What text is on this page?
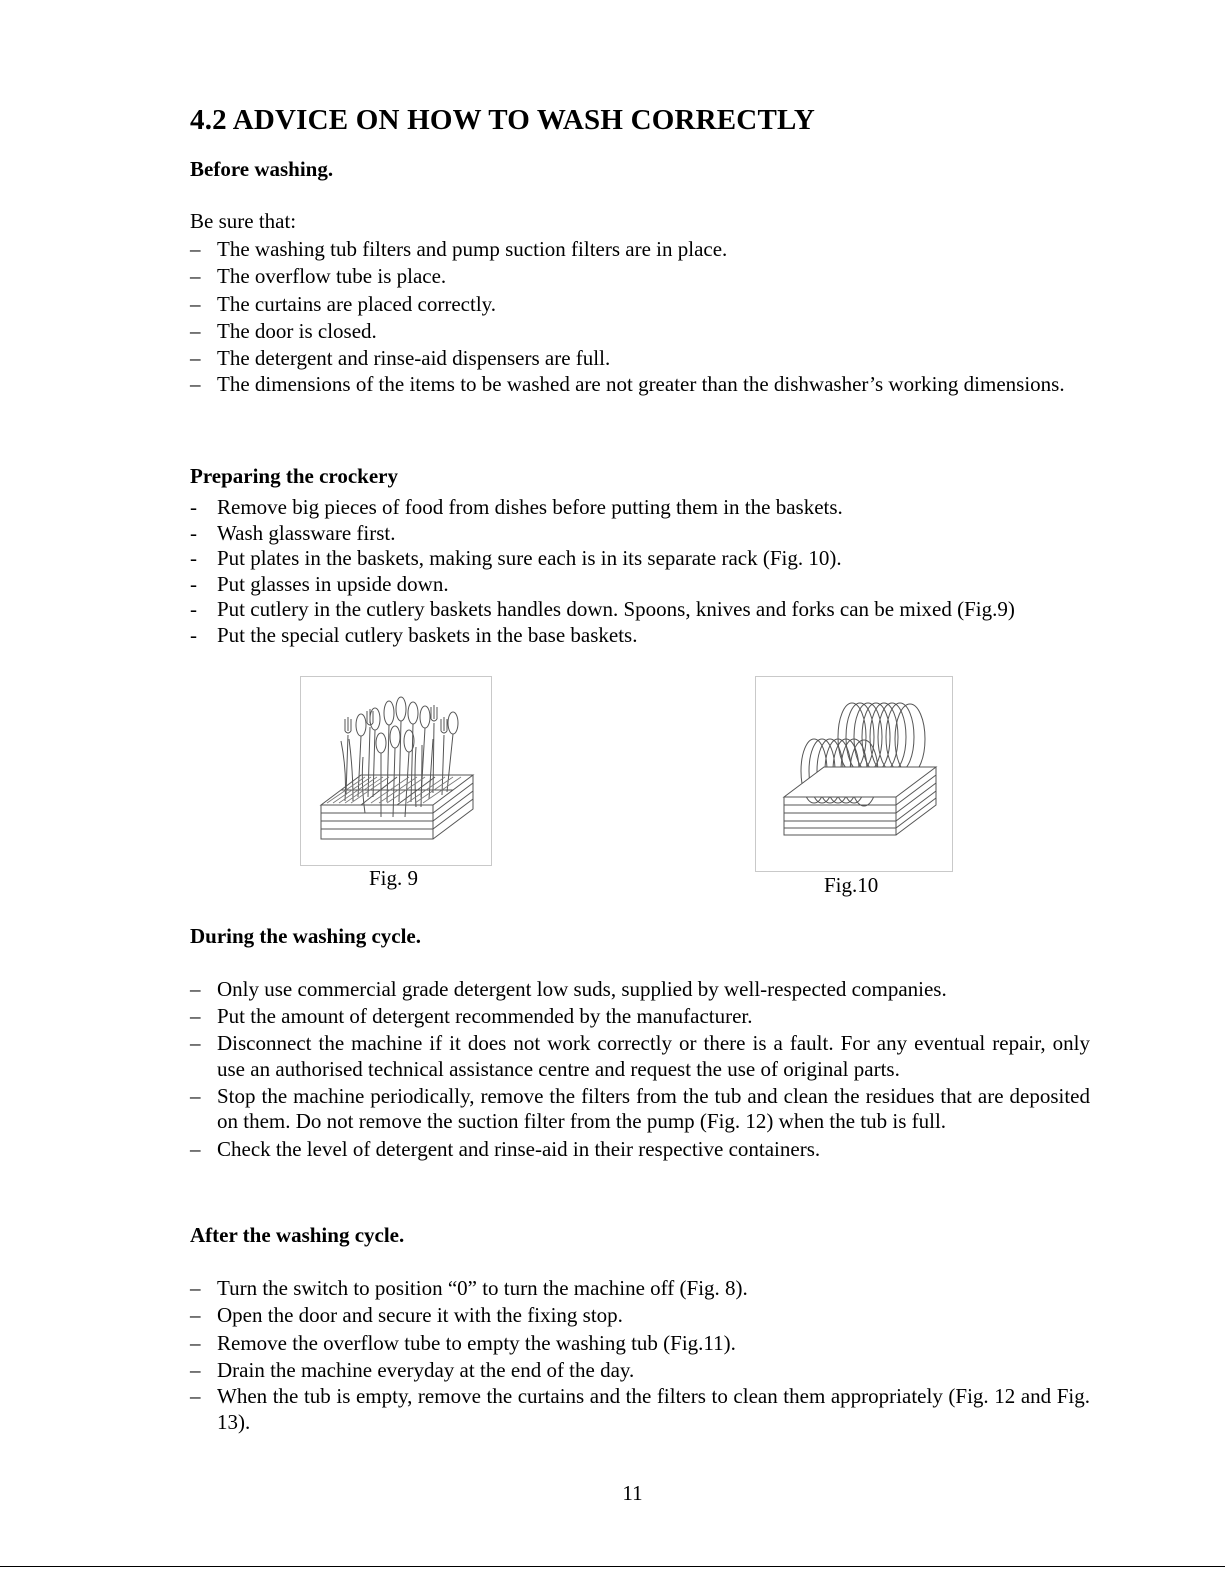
4.2 ADVICE ON HOW TO WASH CORRECTLY

Before washing.

Be sure that:

– The washing tub filters and pump suction filters are in place.
– The overflow tube is place.
– The curtains are placed correctly.
– The door is closed.
– The detergent and rinse-aid dispensers are full.
– The dimensions of the items to be washed are not greater than the dishwasher’s working dimensions.

Preparing the crockery

- Remove big pieces of food from dishes before putting them in the baskets.
- Wash glassware first.
- Put plates in the baskets, making sure each is in its separate rack (Fig. 10).
- Put glasses in upside down.
- Put cutlery in the cutlery baskets handles down. Spoons, knives and forks can be mixed (Fig.9)
- Put the special cutlery baskets in the base baskets.

Fig. 9	Fig.10

During the washing cycle.

– Only use commercial grade detergent low suds, supplied by well-respected companies.
– Put the amount of detergent recommended by the manufacturer.
– Disconnect the machine if it does not work correctly or there is a fault. For any eventual repair, only use an authorised technical assistance centre and request the use of original parts.
– Stop the machine periodically, remove the filters from the tub and clean the residues that are deposited on them. Do not remove the suction filter from the pump (Fig. 12) when the tub is full.
– Check the level of detergent and rinse-aid in their respective containers.

After the washing cycle.

– Turn the switch to position “0” to turn the machine off (Fig. 8).
– Open the door and secure it with the fixing stop.
– Remove the overflow tube to empty the washing tub (Fig.11).
– Drain the machine everyday at the end of the day.
– When the tub is empty, remove the curtains and the filters to clean them appropriately (Fig. 12 and Fig. 13).

11
